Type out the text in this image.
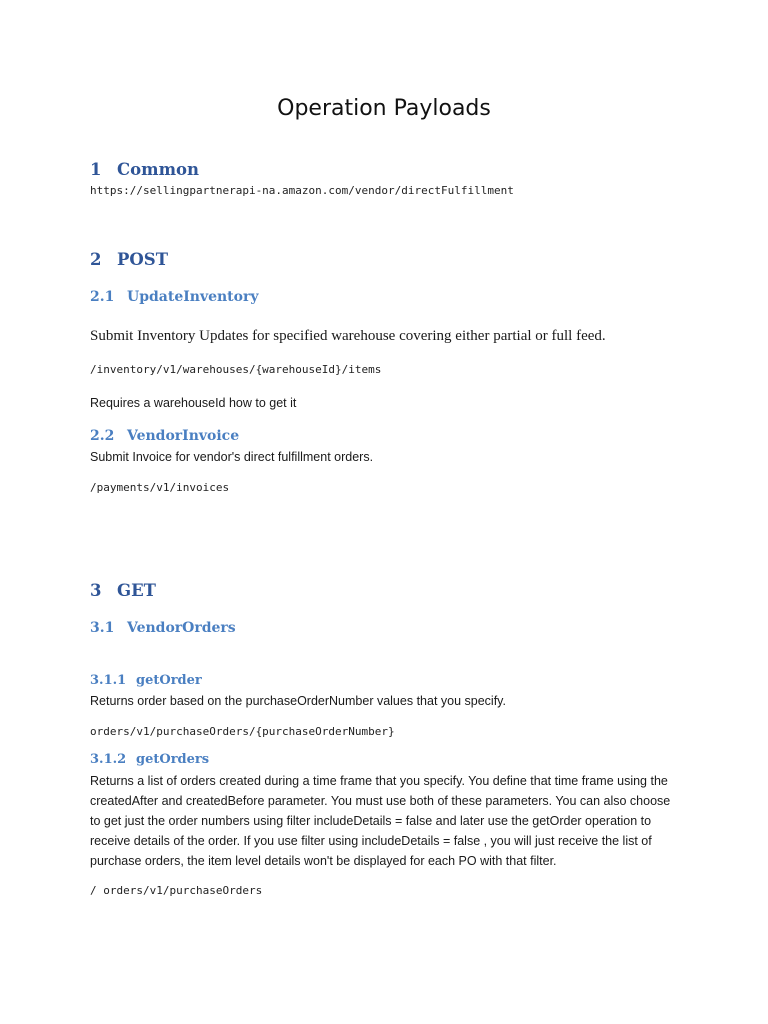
Operation Payloads
1 Common
https://sellingpartnerapi-na.amazon.com/vendor/directFulfillment
2 POST
2.1 UpdateInventory
Submit Inventory Updates for specified warehouse covering either partial or full feed.
/inventory/v1/warehouses/{warehouseId}/items
Requires a warehouseId how to get it
2.2 VendorInvoice
Submit Invoice for vendor's direct fulfillment orders.
/payments/v1/invoices
3 GET
3.1 VendorOrders
3.1.1 getOrder
Returns order based on the purchaseOrderNumber values that you specify.
orders/v1/purchaseOrders/{purchaseOrderNumber}
3.1.2 getOrders
Returns a list of orders created during a time frame that you specify. You define that time frame using the createdAfter and createdBefore parameter. You must use both of these parameters. You can also choose to get just the order numbers using filter includeDetails = false and later use the getOrder operation to receive details of the order. If you use filter using includeDetails = false , you will just receive the list of purchase orders, the item level details won't be displayed for each PO with that filter.
/ orders/v1/purchaseOrders
